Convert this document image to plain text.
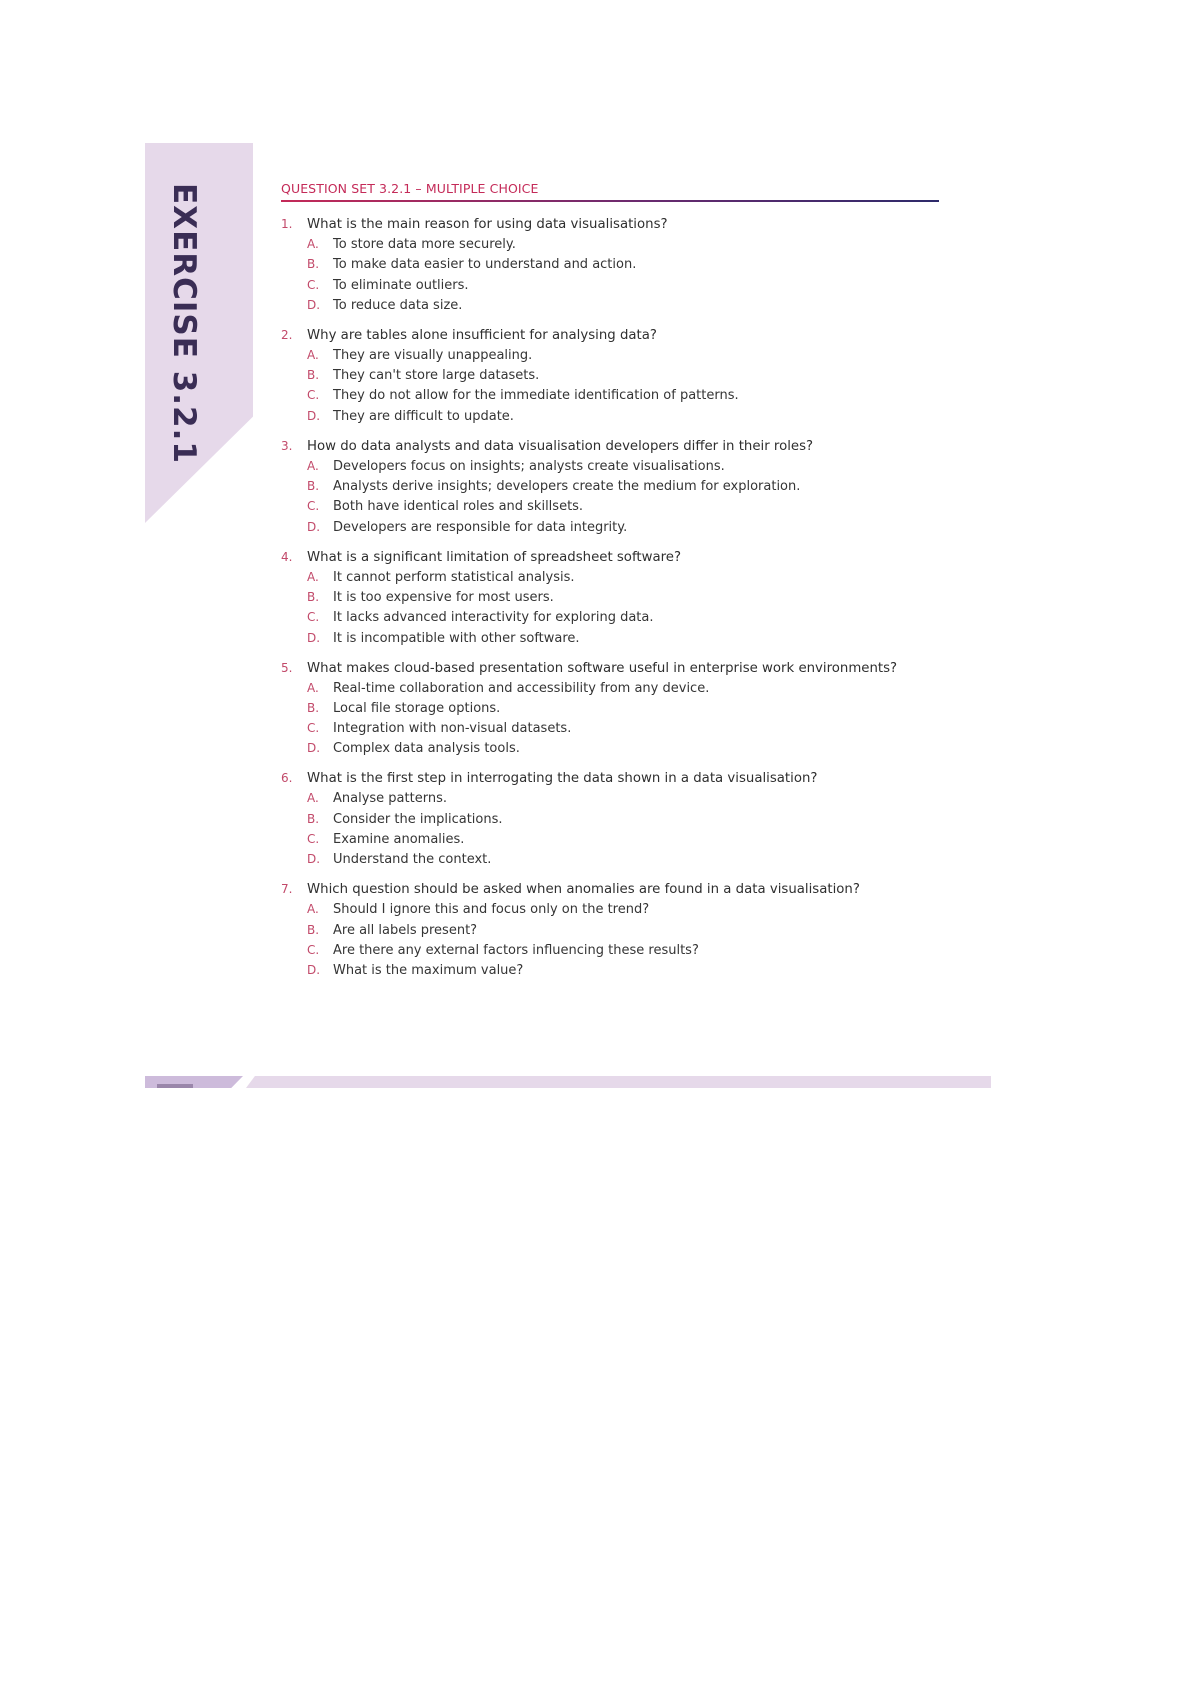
EXERCISE 3.2.1	QUESTION SET 3.2.1 – MULTIPLE CHOICE
1.	What is the main reason for using data visualisations?
A.	To store data more securely.
B.	To make data easier to understand and action.
C.	To eliminate outliers.
D. To reduce data size.
2.	Why are tables alone insufficient for analysing data?
A.	They are visually unappealing.
B.	They can't store large datasets.
C.	They do not allow for the immediate identification of patterns.
D. They are difficult to update.
3.	How do data analysts and data visualisation developers differ in their roles?
A.	Developers focus on insights; analysts create visualisations.
B.	Analysts derive insights; developers create the medium for exploration.
C.	Both have identical roles and skillsets.
D. Developers are responsible for data integrity.
4.	What is a significant limitation of spreadsheet software?
A.	It cannot perform statistical analysis.
B.	It is too expensive for most users.
C.	It lacks advanced interactivity for exploring data.
D. It is incompatible with other software.
5.	What makes cloud-based presentation software useful in enterprise work environments?
A.	Real-time collaboration and accessibility from any device.
B.	Local file storage options.
C.	Integration with non-visual datasets.
D. Complex data analysis tools.
6.	What is the first step in interrogating the data shown in a data visualisation?
A.	Analyse patterns.
B.	Consider the implications.
C.	Examine anomalies.
D. Understand the context.
7.	Which question should be asked when anomalies are found in a data visualisation?
A.	Should I ignore this and focus only on the trend?
B.	Are all labels present?
C.	Are there any external factors influencing these results?
D. What is the maximum value?
